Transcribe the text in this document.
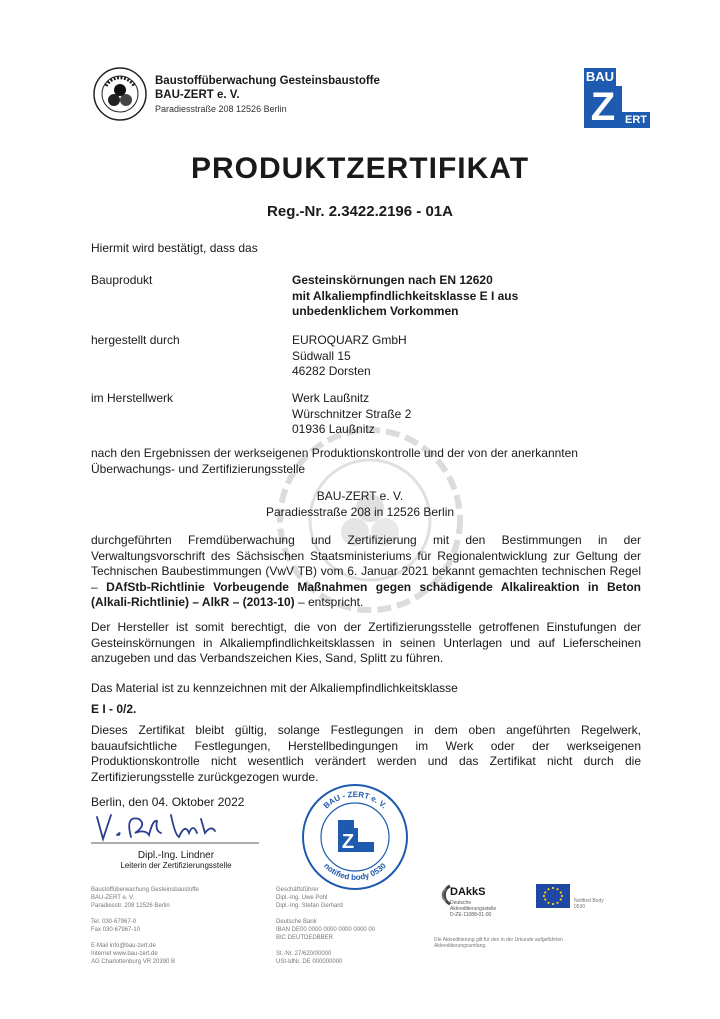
Baustoffüberwachung Gesteinsbaustoffe
BAU-ZERT e. V.
Paradiesstraße 208 12526 Berlin
BAU
Z ERT
PRODUKTZERTIFIKAT
Reg.-Nr. 2.3422.2196 - 01A
Hiermit wird bestätigt, dass das
Bauprodukt	Gesteinskörnungen nach EN 12620
mit Alkaliempfindlichkeitsklasse E I aus
unbedenklichem Vorkommen
hergestellt durch	EUROQUARZ GmbH
Südwall 15
46282 Dorsten
im Herstellwerk	Werk Laußnitz
Würschnitzer Straße 2
01936 Laußnitz
nach den Ergebnissen der werkseigenen Produktionskontrolle und der von der anerkannten Überwachungs- und Zertifizierungsstelle
BAU-ZERT e. V.
Paradiesstraße 208 in 12526 Berlin
durchgeführten Fremdüberwachung und Zertifizierung mit den Bestimmungen in der Verwaltungsvorschrift des Sächsischen Staatsministeriums für Regionalentwicklung zur Geltung der Technischen Baubestimmungen (VwV TB) vom 6. Januar 2021 bekannt gemachten technischen Regel – DAfStb-Richtlinie Vorbeugende Maßnahmen gegen schädigende Alkalireaktion in Beton (Alkali-Richtlinie) – AlkR – (2013-10) – entspricht.
Der Hersteller ist somit berechtigt, die von der Zertifizierungsstelle getroffenen Einstufungen der Gesteinskörnungen in Alkaliempfindlichkeitsklassen in seinen Unterlagen und auf Lieferscheinen anzugeben und das Verbandszeichen Kies, Sand, Splitt zu führen.
Das Material ist zu kennzeichnen mit der Alkaliempfindlichkeitsklasse
E I - 0/2.
Dieses Zertifikat bleibt gültig, solange Festlegungen in dem oben angeführten Regelwerk, bauaufsichtliche Festlegungen, Herstellbedingungen im Werk oder der werkseigenen Produktionskontrolle nicht wesentlich verändert werden und das Zertifikat nicht durch die Zertifizierungsstelle zurückgezogen wurde.
Berlin, den 04. Oktober 2022
Dipl.-Ing. Lindner
Leiterin der Zertifizierungsstelle
BAU - ZERT e. V.
notified body 0530
Z
Baustoffüberwachung Gesteinsbaustoffe
BAU-ZERT e. V.
Paradiesstr. 208 12526 Berlin

Tel. 030-67967-0
Fax 030-67967-10

E-Mail info@bau-zert.de
Internet www.bau-zert.de
AG Charlottenburg VR 20390 B
Geschäftsführer
Dipl.-Ing. Uwe Pohl
Dipl.-Ing. Stefan Gerhard

Deutsche Bank
IBAN DE00 0000 0000 0000 0000 00
BIC DEUTDEDBBER

St.-Nr. 27/620/00000
USt-IdNr. DE 000000000
DAkkS
Deutsche
Akkreditierungsstelle
D-ZE-11088-01-00
Notified Body
0530
Die Akkreditierung gilt für den in der Urkunde aufgeführten Akkreditierungsumfang.
